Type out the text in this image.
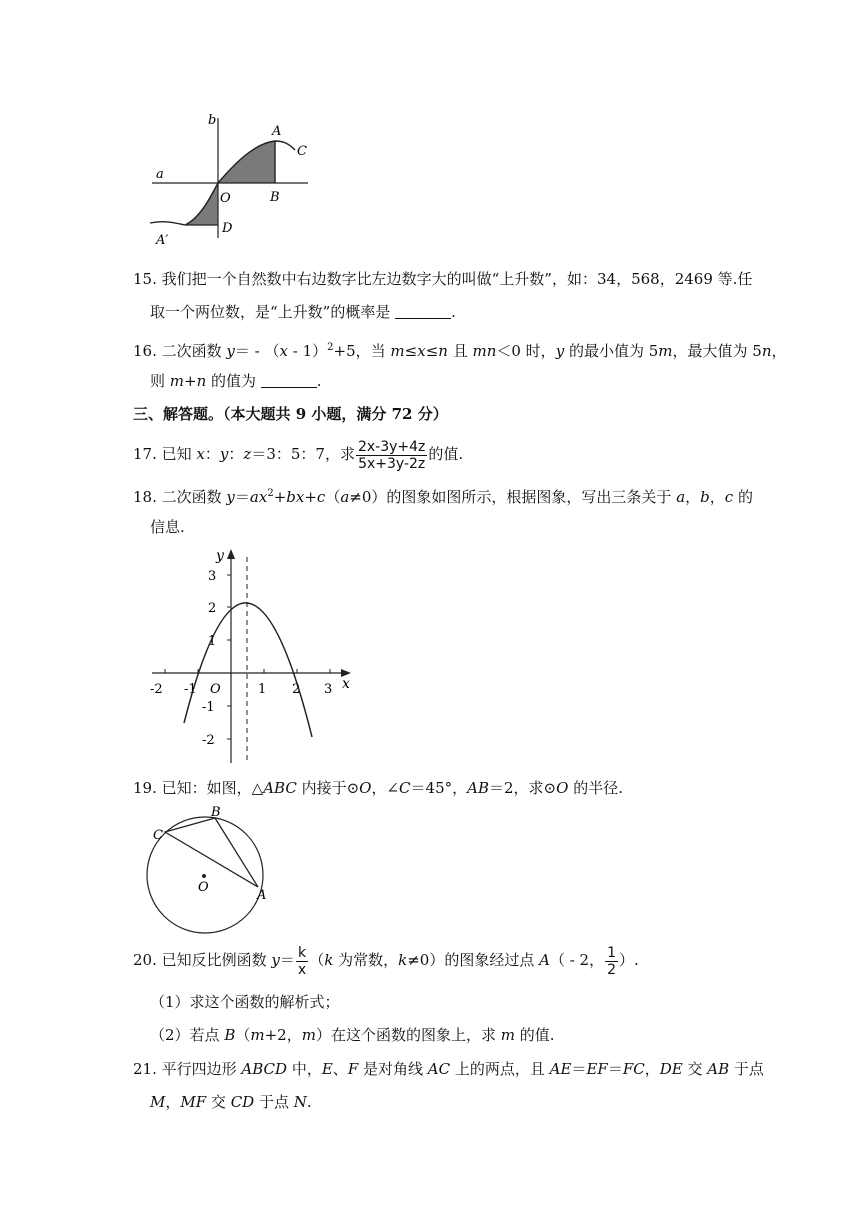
a
b
A
C
O	B
D
A′
15. 我们把一个自然数中右边数字比左边数字大的叫做“上升数”，如：34，568，2469 等.任
取一个两位数，是“上升数”的概率是	.
16. 二次函数 y＝ - （x - 1）$^2$+5，当 m≤x≤n 且 mn＜0 时，y 的最小值为 5m，最大值为 5n，
则 m+n 的值为	.
三、解答题。（本大题共 9 小题，满分 72 分）
17. 已知 x：y：z＝3：5：7，求 $\frac{2x-3y+4z}{5x+3y-2z}$ 的值.
18. 二次函数 $y=ax^2+bx+c(a\ne 0)$的图象如图所示，根据图象，写出三条关于 a，b，c 的
信息.
y
x
3
2
1
-1
-2
-2 -1 O	1 2 3
19. 已知：如图，△ABC 内接于⊙O，∠C＝45°，AB＝2，求⊙O 的半径.
C
B
O
A
20. 已知反比例函数 $y= \frac{k}{x} (k$ 为常数，k≠0）的图象经过点 A（ - 2， $\frac{1}{2}$ ）.
（1）求这个函数的解析式；
（2）若点 B（m+2，m）在这个函数的图象上，求 m 的值.
21. 平行四边形 ABCD 中，E、F 是对角线 AC 上的两点，且 AE＝EF＝FC，DE 交 AB 于点
M，MF 交 CD 于点 N.
